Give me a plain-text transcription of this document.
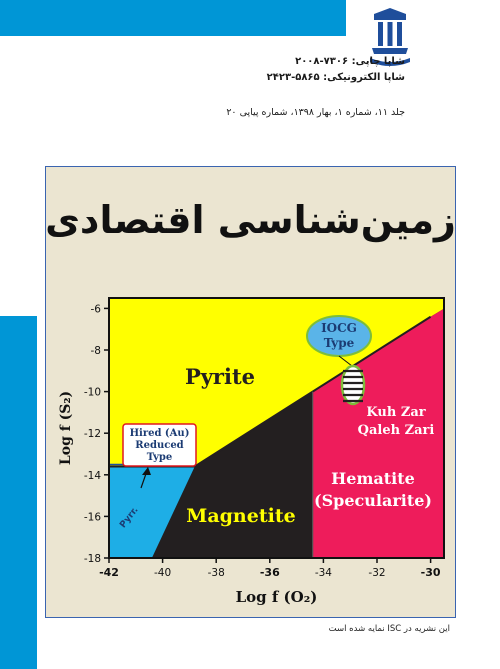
شاپا چاپی: ۷۳۰۶-۲۰۰۸
شاپا الکترونیکی: ۵۸۶۵-۲۴۲۳
جلد ۱۱، شماره ۱، بهار ۱۳۹۸، شماره پیاپی ۲۰
زمین‌شناسی اقتصادی
-42	-40	-38	-36	-34	-32	-30
-6
-8
-10
-12
-14
-16
-18
Log f (O₂)
Log f (S₂)
Pyrite
Magnetite
Hematite
(Specularite)
Pyrr.
Hired (Au)
Reduced
Type
IOCG
Type
Kuh Zar
Qaleh Zari
این نشریه در ISC نمایه شده است
